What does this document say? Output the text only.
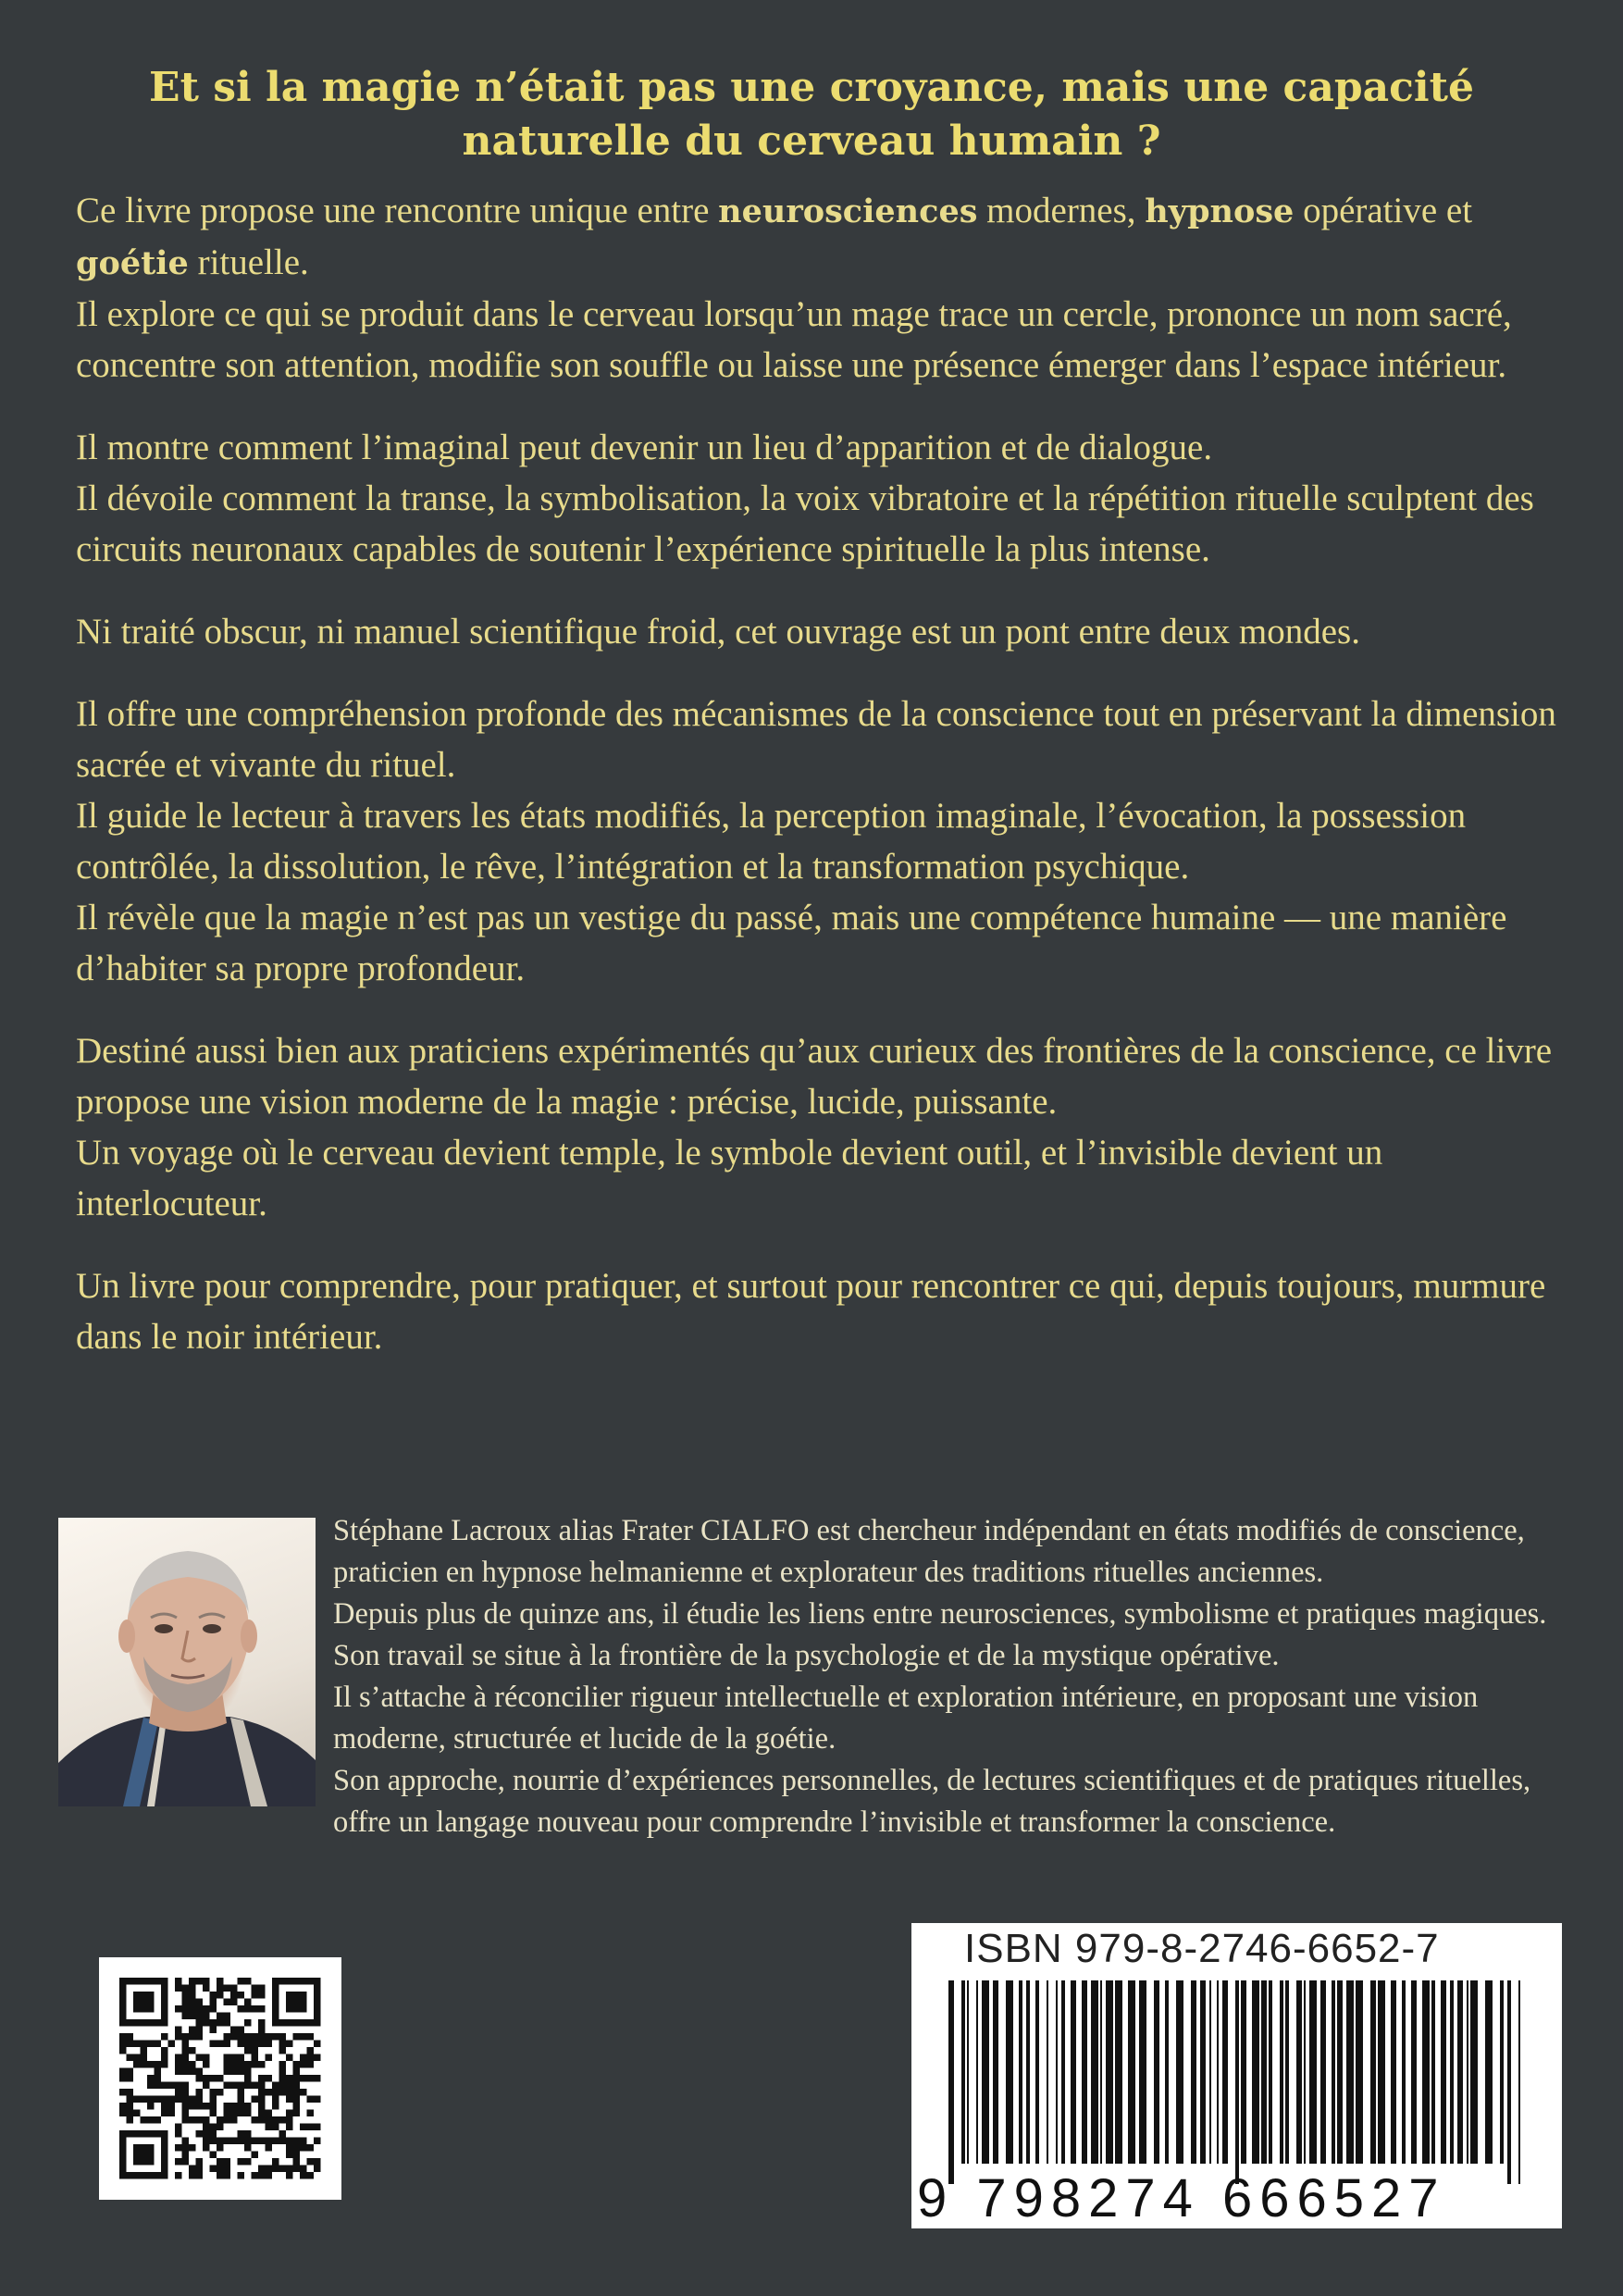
Et si la magie n’était pas une croyance, mais une capacité naturelle du cerveau humain ?

Ce livre propose une rencontre unique entre neurosciences modernes, hypnose opérative et goétie rituelle.
Il explore ce qui se produit dans le cerveau lorsqu’un mage trace un cercle, prononce un nom sacré, concentre son attention, modifie son souffle ou laisse une présence émerger dans l’espace intérieur.

Il montre comment l’imaginal peut devenir un lieu d’apparition et de dialogue.
Il dévoile comment la transe, la symbolisation, la voix vibratoire et la répétition rituelle sculptent des circuits neuronaux capables de soutenir l’expérience spirituelle la plus intense.

Ni traité obscur, ni manuel scientifique froid, cet ouvrage est un pont entre deux mondes.

Il offre une compréhension profonde des mécanismes de la conscience tout en préservant la dimension sacrée et vivante du rituel.
Il guide le lecteur à travers les états modifiés, la perception imaginale, l’évocation, la possession contrôlée, la dissolution, le rêve, l’intégration et la transformation psychique.
Il révèle que la magie n’est pas un vestige du passé, mais une compétence humaine — une manière d’habiter sa propre profondeur.

Destiné aussi bien aux praticiens expérimentés qu’aux curieux des frontières de la conscience, ce livre propose une vision moderne de la magie : précise, lucide, puissante.
Un voyage où le cerveau devient temple, le symbole devient outil, et l’invisible devient un interlocuteur.

Un livre pour comprendre, pour pratiquer, et surtout pour rencontrer ce qui, depuis toujours, murmure dans le noir intérieur.

Stéphane Lacroux alias Frater CIALFO est chercheur indépendant en états modifiés de conscience, praticien en hypnose helmanienne et explorateur des traditions rituelles anciennes.

Depuis plus de quinze ans, il étudie les liens entre neurosciences, symbolisme et pratiques magiques. Son travail se situe à la frontière de la psychologie et de la mystique opérative.

Il s’attache à réconcilier rigueur intellectuelle et exploration intérieure, en proposant une vision moderne, structurée et lucide de la goétie.

Son approche, nourrie d’expériences personnelles, de lectures scientifiques et de pratiques rituelles, offre un langage nouveau pour comprendre l’invisible et transformer la conscience.

ISBN 979-8-2746-6652-7
9 798274 666527
